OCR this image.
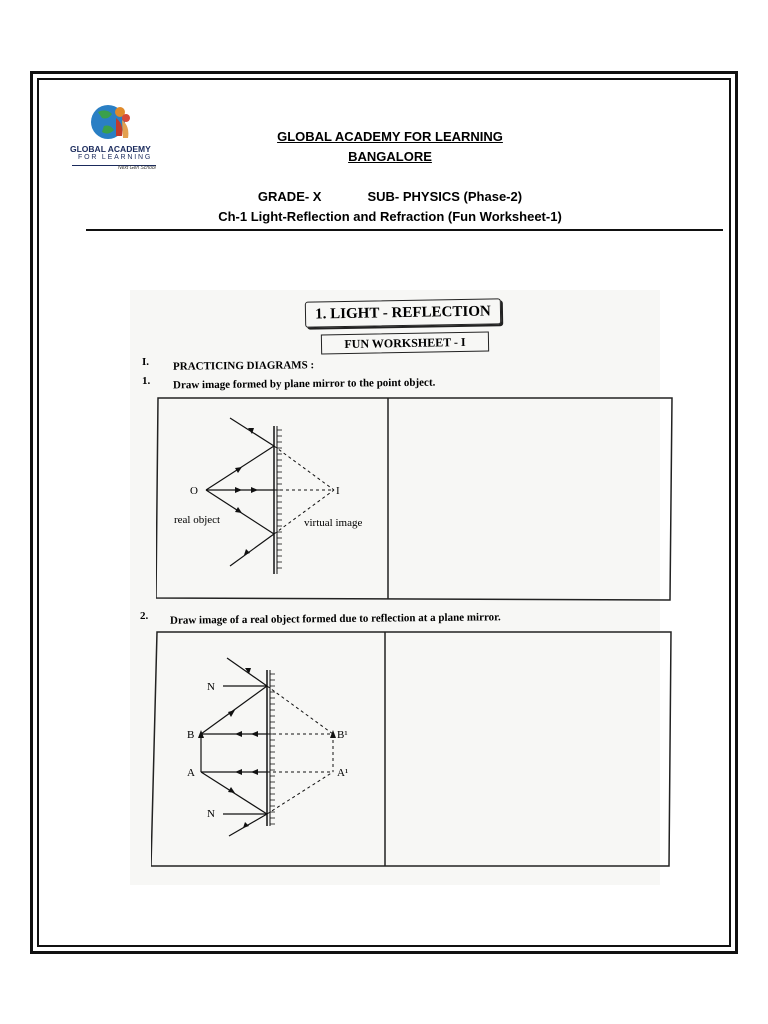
GLOBAL ACADEMY
FOR LEARNING
Next Gen School
GLOBAL ACADEMY FOR LEARNING
BANGALORE
GRADE- X	SUB- PHYSICS (Phase-2)
Ch-1 Light-Reflection and Refraction (Fun Worksheet-1)
1. LIGHT - REFLECTION
FUN WORKSHEET - I
I. PRACTICING DIAGRAMS :
1. Draw image formed by plane mirror to the point object.
O	I
real object	virtual image
2. Draw image of a real object formed due to reflection at a plane mirror.
N
B
A
N
B¹
A¹
